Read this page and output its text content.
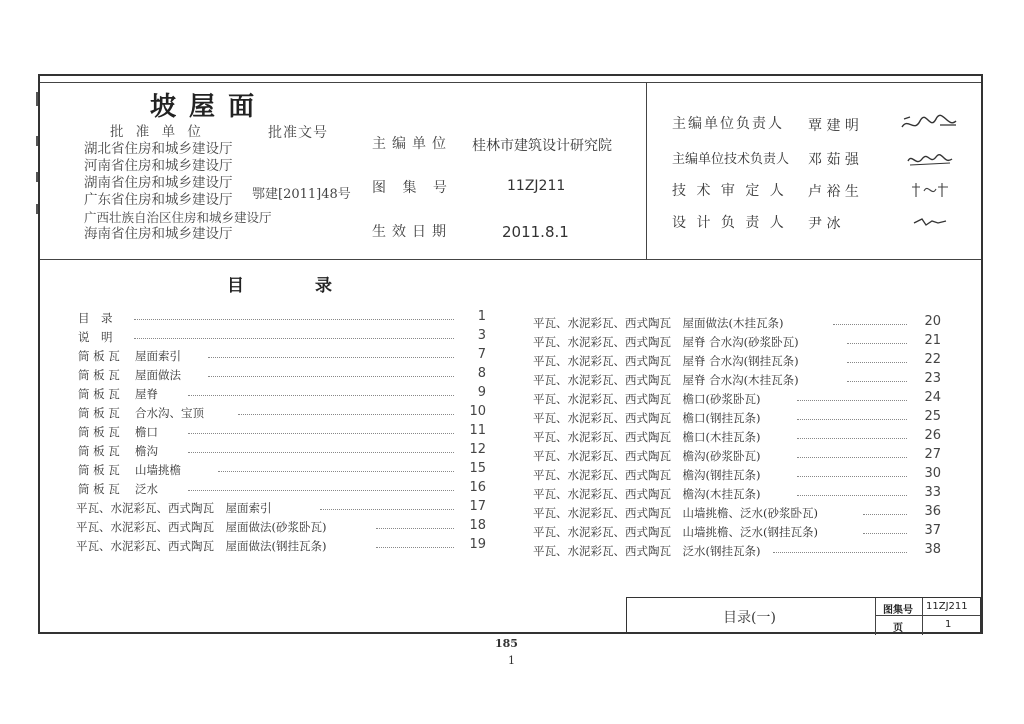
坡 屋 面
批 准 单 位
湖北省住房和城乡建设厅
河南省住房和城乡建设厅
湖南省住房和城乡建设厅
广东省住房和城乡建设厅
广西壮族自治区住房和城乡建设厅
海南省住房和城乡建设厅
批准文号
鄂建[2011]48号
主编单位 桂林市建筑设计研究院
图 集 号	11ZJ211
生效日期	2011.8.1
主编单位负责人 覃 建 明
主编单位技术负责人 邓 茹 强
技 术 审 定 人 卢 裕 生
设 计 负 责 人 尹 冰
目            录
目　录	1
说　明	3
筒 板 瓦　 屋面索引	7
筒 板 瓦　 屋面做法	8
筒 板 瓦　 屋脊	9
筒 板 瓦　 合水沟、宝顶	10
筒 板 瓦　 檐口	11
筒 板 瓦　 檐沟	12
筒 板 瓦　 山墙挑檐	15
筒 板 瓦　 泛水	16
平瓦、水泥彩瓦、西式陶瓦　屋面索引	17
平瓦、水泥彩瓦、西式陶瓦　屋面做法(砂浆卧瓦)	18
平瓦、水泥彩瓦、西式陶瓦　屋面做法(钢挂瓦条)	19
平瓦、水泥彩瓦、西式陶瓦　屋面做法(木挂瓦条)	20
平瓦、水泥彩瓦、西式陶瓦　屋脊 合水沟(砂浆卧瓦)	21
平瓦、水泥彩瓦、西式陶瓦　屋脊 合水沟(钢挂瓦条)	22
平瓦、水泥彩瓦、西式陶瓦　屋脊 合水沟(木挂瓦条)	23
平瓦、水泥彩瓦、西式陶瓦　檐口(砂浆卧瓦)	24
平瓦、水泥彩瓦、西式陶瓦　檐口(钢挂瓦条)	25
平瓦、水泥彩瓦、西式陶瓦　檐口(木挂瓦条)	26
平瓦、水泥彩瓦、西式陶瓦　檐沟(砂浆卧瓦)	27
平瓦、水泥彩瓦、西式陶瓦　檐沟(钢挂瓦条)	30
平瓦、水泥彩瓦、西式陶瓦　檐沟(木挂瓦条)	33
平瓦、水泥彩瓦、西式陶瓦　山墙挑檐、泛水(砂浆卧瓦)	36
平瓦、水泥彩瓦、西式陶瓦　山墙挑檐、泛水(钢挂瓦条)	37
平瓦、水泥彩瓦、西式陶瓦　泛水(钢挂瓦条)	38
目录(一)	图集号 11ZJ211
页	1
185
1
